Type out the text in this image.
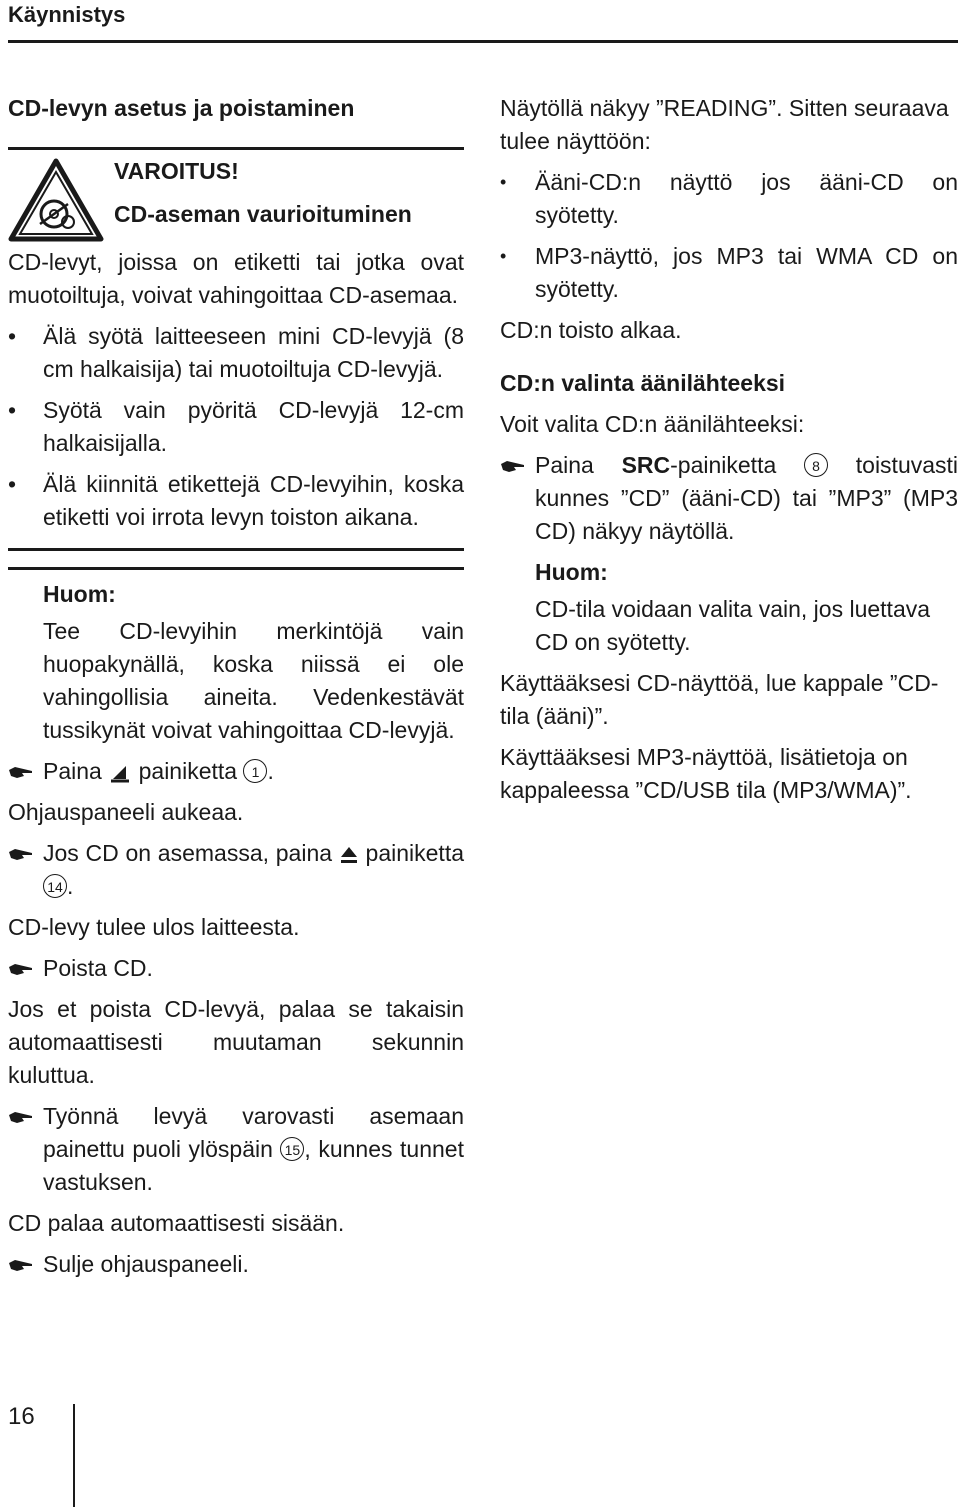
Käynnistys
CD-levyn asetus ja poistaminen
VAROITUS!
CD-aseman vaurioituminen

CD-levyt, joissa on etiketti tai jotka ovat muotoiltuja, voivat vahingoittaa CD-asemaa.

•	Älä syötä laitteeseen mini CD-levyjä (8 cm halkaisija) tai muotoiltuja CD-levyjä.
•	Syötä vain pyöritä CD-levyjä 12-cm halkaisijalla.
•	Älä kiinnitä etikettejä CD-levyihin, koska etiketti voi irrota levyn toiston aikana.
Huom:

Tee CD-levyihin merkintöjä vain huopakynällä, koska niissä ei ole vahingollisia aineita. Vedenkestävät tussikynät voivat vahingoittaa CD-levyjä.

Paina painiketta 1 .

Ohjauspaneeli aukeaa.

Jos CD on asemassa, paina painiketta 14 .

CD-levy tulee ulos laitteesta.

Poista CD.

Jos et poista CD-levyä, palaa se takaisin automaattisesti muutaman sekunnin kuluttua.

Työnnä levyä varovasti asemaan painettu puoli ylöspäin 15 , kunnes tunnet vastuksen.

CD palaa automaattisesti sisään.

Sulje ohjauspaneeli.

Näytöllä näkyy ”READING”. Sitten seuraava tulee näyttöön:

•	Ääni-CD:n näyttö jos ääni-CD on syötetty.
•	MP3-näyttö, jos MP3 tai WMA CD on syötetty.

CD:n toisto alkaa.

CD:n valinta äänilähteeksi

Voit valita CD:n äänilähteeksi:

Paina SRC-painiketta	8 toistuvasti kunnes ”CD” (ääni-CD) tai ”MP3” (MP3 CD) näkyy näytöllä.
Huom:

CD-tila voidaan valita vain, jos luettava CD on syötetty.

Käyttääksesi CD-näyttöä, lue kappale ”CD-tila (ääni)”.

Käyttääksesi MP3-näyttöä, lisätietoja on kappaleessa ”CD/USB tila (MP3/WMA)”.

16
